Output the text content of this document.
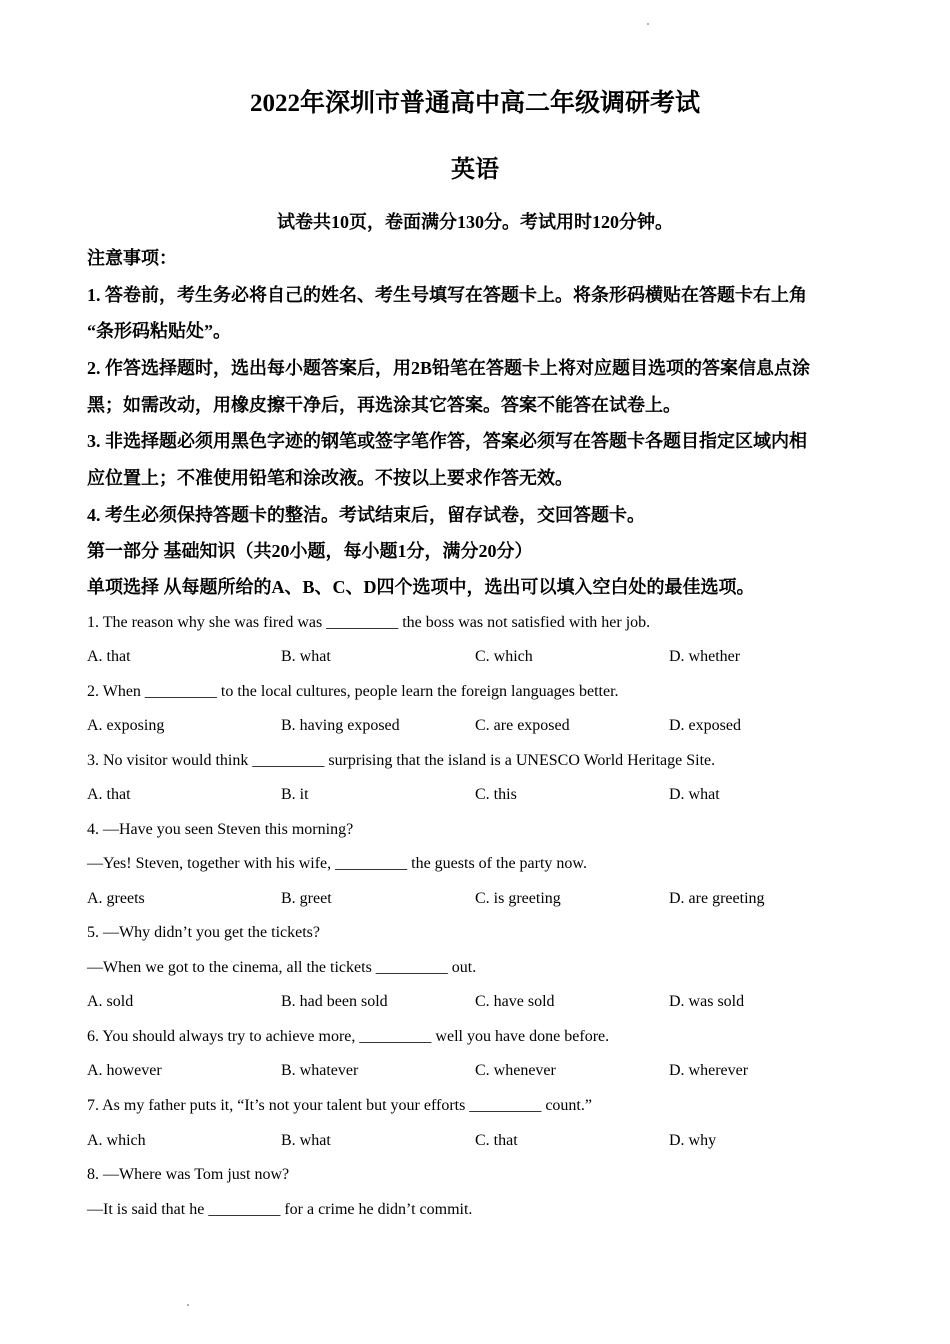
2022年深圳市普通高中高二年级调研考试
英语
试卷共10页，卷面满分130分。考试用时120分钟。
注意事项：
1. 答卷前，考生务必将自己的姓名、考生号填写在答题卡上。将条形码横贴在答题卡右上角
“条形码粘贴处”。
2. 作答选择题时，选出每小题答案后，用2B铅笔在答题卡上将对应题目选项的答案信息点涂
黑；如需改动，用橡皮擦干净后，再选涂其它答案。答案不能答在试卷上。
3. 非选择题必须用黑色字迹的钢笔或签字笔作答，答案必须写在答题卡各题目指定区域内相
应位置上；不准使用铅笔和涂改液。不按以上要求作答无效。
4. 考生必须保持答题卡的整洁。考试结束后，留存试卷，交回答题卡。
第一部分 基础知识（共20小题，每小题1分，满分20分）
单项选择 从每题所给的A、B、C、D四个选项中，选出可以填入空白处的最佳选项。
1. The reason why she was fired was _________ the boss was not satisfied with her job.
A. that	B. what	C. which	D. whether
2. When _________ to the local cultures, people learn the foreign languages better.
A. exposing	B. having exposed	C. are exposed	D. exposed
3. No visitor would think _________ surprising that the island is a UNESCO World Heritage Site.
A. that	B. it	C. this	D. what
4. —Have you seen Steven this morning?
—Yes! Steven, together with his wife, _________ the guests of the party now.
A. greets	B. greet	C. is greeting	D. are greeting
5. —Why didn’t you get the tickets?
—When we got to the cinema, all the tickets _________ out.
A. sold	B. had been sold	C. have sold	D. was sold
6. You should always try to achieve more, _________ well you have done before.
A. however	B. whatever	C. whenever	D. wherever
7. As my father puts it, “It’s not your talent but your efforts _________ count.”
A. which	B. what	C. that	D. why
8. —Where was Tom just now?
—It is said that he _________ for a crime he didn’t commit.
